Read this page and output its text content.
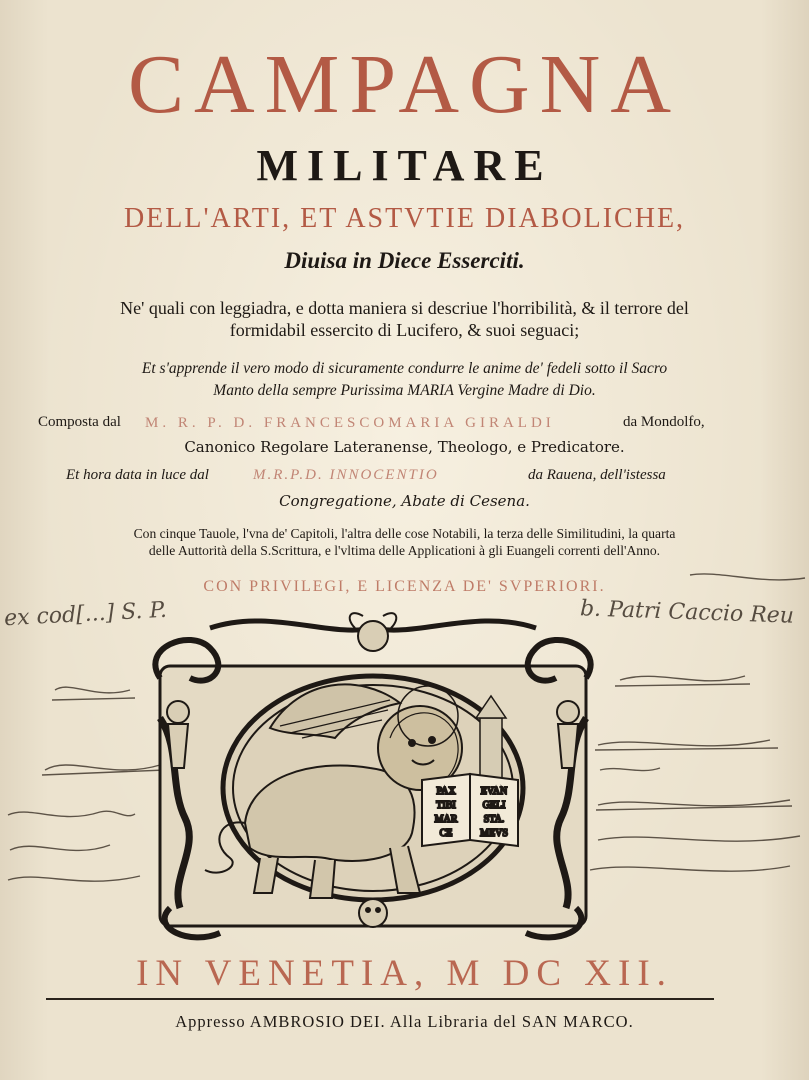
CAMPAGNA
MILITARE
DELL'ARTI, ET ASTVTIE DIABOLICHE,
Diuisa in Diece Esserciti.
Ne' quali con leggiadra, e dotta maniera si descriue l'horribilità, & il terrore del
formidabil essercito di Lucifero, & suoi seguaci;
Et s'apprende il vero modo di sicuramente condurre le anime de' fedeli sotto il Sacro
Manto della sempre Purissima MARIA Vergine Madre di Dio.
Composta dal M. R. P. D. FRANCESCOMARIA GIRALDI	da Mondolfo,
Canonico Regolare Lateranense, Theologo, e Predicatore.
Et hora data in luce dal	M.R.P.D. INNOCENTIO	da Rauena, dell'istessa
Congregatione, Abate di Cesena.
Con cinque Tauole, l'vna de' Capitoli, l'altra delle cose Notabili, la terza delle Similitudini, la quarta
delle Auttorità della S.Scrittura, e l'vltima delle Applicationi à gli Euangeli correnti dell'Anno.
CON PRIVILEGI, E LICENZA DE' SVPERIORI.
ex cod[...] S. P.	b. Patri Caccio Reu
PAX
TIBI
MAR
CE
EVAN
GELI
STA.
MEVS
IN VENETIA, M DC XII.
Appresso AMBROSIO DEI. Alla Libraria del SAN MARCO.
